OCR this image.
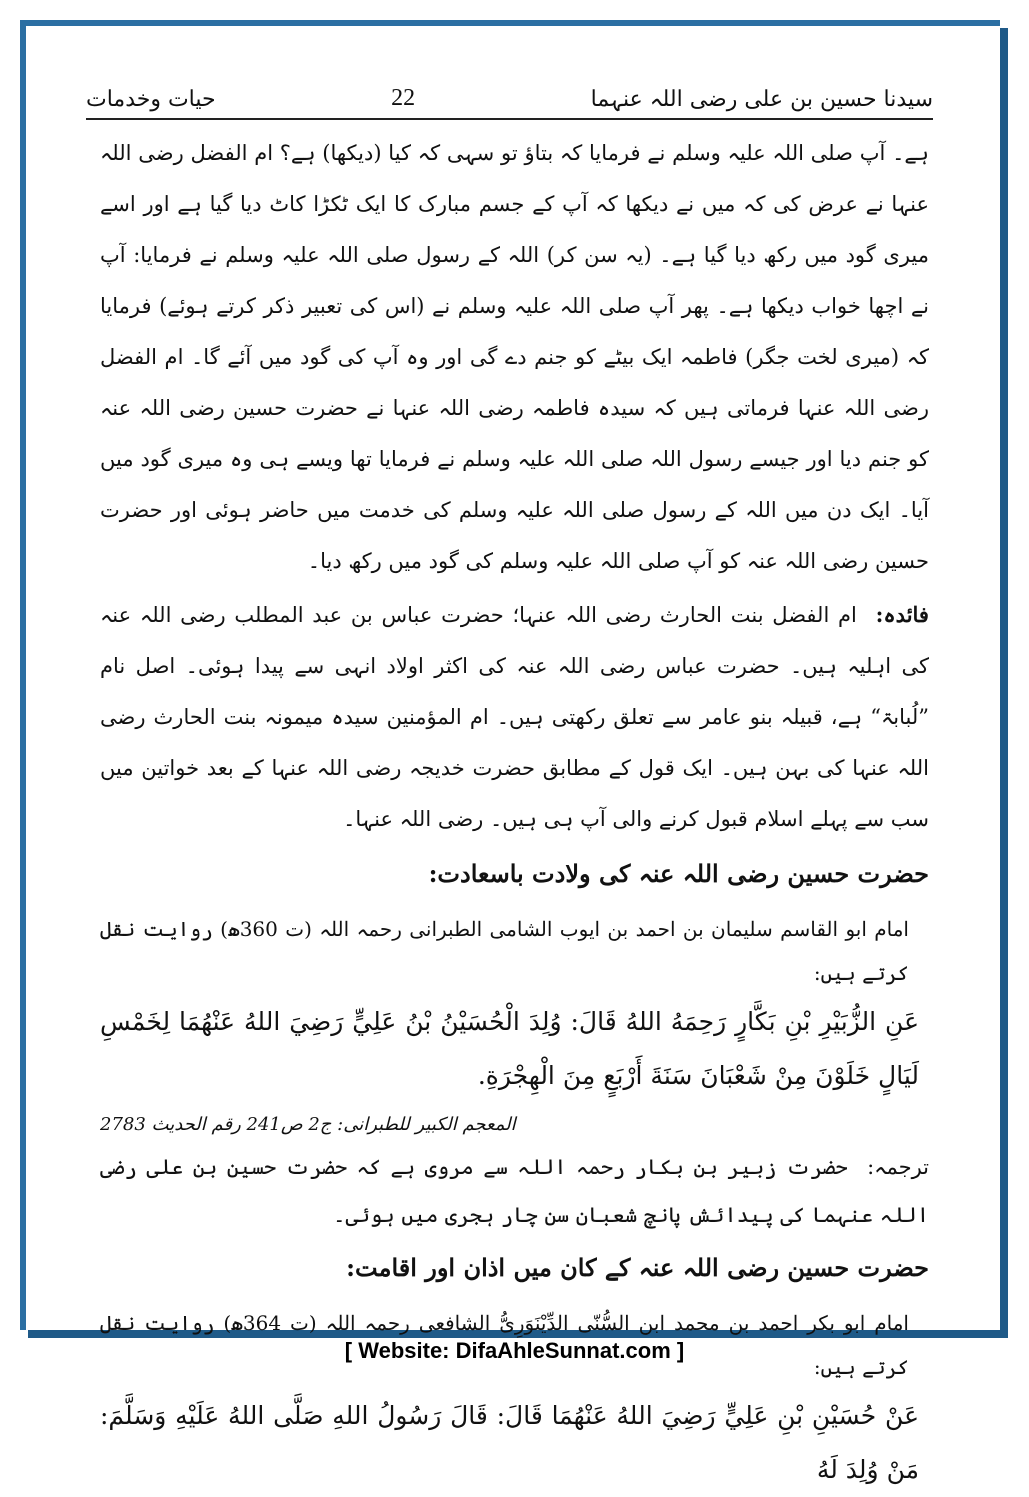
سیدنا حسین بن علی رضی اللہ عنہما
22
حیات وخدمات

ہے۔ آپ صلی اللہ علیہ وسلم نے فرمایا کہ بتاؤ تو سہی کہ کیا (دیکھا) ہے؟ ام الفضل رضی اللہ عنہا نے عرض کی کہ میں نے دیکھا کہ آپ کے جسم مبارک کا ایک ٹکڑا کاٹ دیا گیا ہے اور اسے میری گود میں رکھ دیا گیا ہے۔ (یہ سن کر) اللہ کے رسول صلی اللہ علیہ وسلم نے فرمایا: آپ نے اچھا خواب دیکھا ہے۔ پھر آپ صلی اللہ علیہ وسلم نے (اس کی تعبیر ذکر کرتے ہوئے) فرمایا کہ (میری لخت جگر) فاطمہ ایک بیٹے کو جنم دے گی اور وہ آپ کی گود میں آئے گا۔ ام الفضل رضی اللہ عنہا فرماتی ہیں کہ سیدہ فاطمہ رضی اللہ عنہا نے حضرت حسین رضی اللہ عنہ کو جنم دیا اور جیسے رسول اللہ صلی اللہ علیہ وسلم نے فرمایا تھا ویسے ہی وہ میری گود میں آیا۔ ایک دن میں اللہ کے رسول صلی اللہ علیہ وسلم کی خدمت میں حاضر ہوئی اور حضرت حسین رضی اللہ عنہ کو آپ صلی اللہ علیہ وسلم کی گود میں رکھ دیا۔

فائدہ: ام الفضل بنت الحارث رضی اللہ عنہا؛ حضرت عباس بن عبد المطلب رضی اللہ عنہ کی اہلیہ ہیں۔ حضرت عباس رضی اللہ عنہ کی اکثر اولاد انہی سے پیدا ہوئی۔ اصل نام ”لُبابۃ“ ہے، قبیلہ بنو عامر سے تعلق رکھتی ہیں۔ ام المؤمنین سیدہ میمونہ بنت الحارث رضی اللہ عنہا کی بہن ہیں۔ ایک قول کے مطابق حضرت خدیجہ رضی اللہ عنہا کے بعد خواتین میں سب سے پہلے اسلام قبول کرنے والی آپ ہی ہیں۔ رضی اللہ عنہا۔

حضرت حسین رضی اللہ عنہ کی ولادت باسعادت:

امام ابو القاسم سلیمان بن احمد بن ایوب الشامی الطبرانی رحمہ اللہ (ت 360ھ) روایت نقل کرتے ہیں:

عَنِ الزُّبَيْرِ بْنِ بَكَّارٍ رَحِمَهُ اللهُ قَالَ: وُلِدَ الْحُسَيْنُ بْنُ عَلِيٍّ رَضِيَ اللهُ عَنْهُمَا لِخَمْسِ لَيَالٍ خَلَوْنَ مِنْ شَعْبَانَ سَنَةَ أَرْبَعٍ مِنَ الْهِجْرَةِ.

المعجم الکبیر للطبرانی: ج2 ص241 رقم الحدیث 2783

ترجمہ: حضرت زبیر بن بکار رحمہ اللہ سے مروی ہے کہ حضرت حسین بن علی رضی اللہ عنہما کی پیدائش پانچ شعبان سن چار ہجری میں ہوئی۔

حضرت حسین رضی اللہ عنہ کے کان میں اذان اور اقامت:

امام ابو بکر احمد بن محمد ابن السُّنّی الدِّیْنَوَرِیُّ الشافعی رحمہ اللہ (ت 364ھ) روایت نقل کرتے ہیں:

عَنْ حُسَيْنِ بْنِ عَلِيٍّ رَضِيَ اللهُ عَنْهُمَا قَالَ: قَالَ رَسُولُ اللهِ صَلَّى اللهُ عَلَيْهِ وَسَلَّمَ: مَنْ وُلِدَ لَهُ

[ Website: DifaAhleSunnat.com ]
